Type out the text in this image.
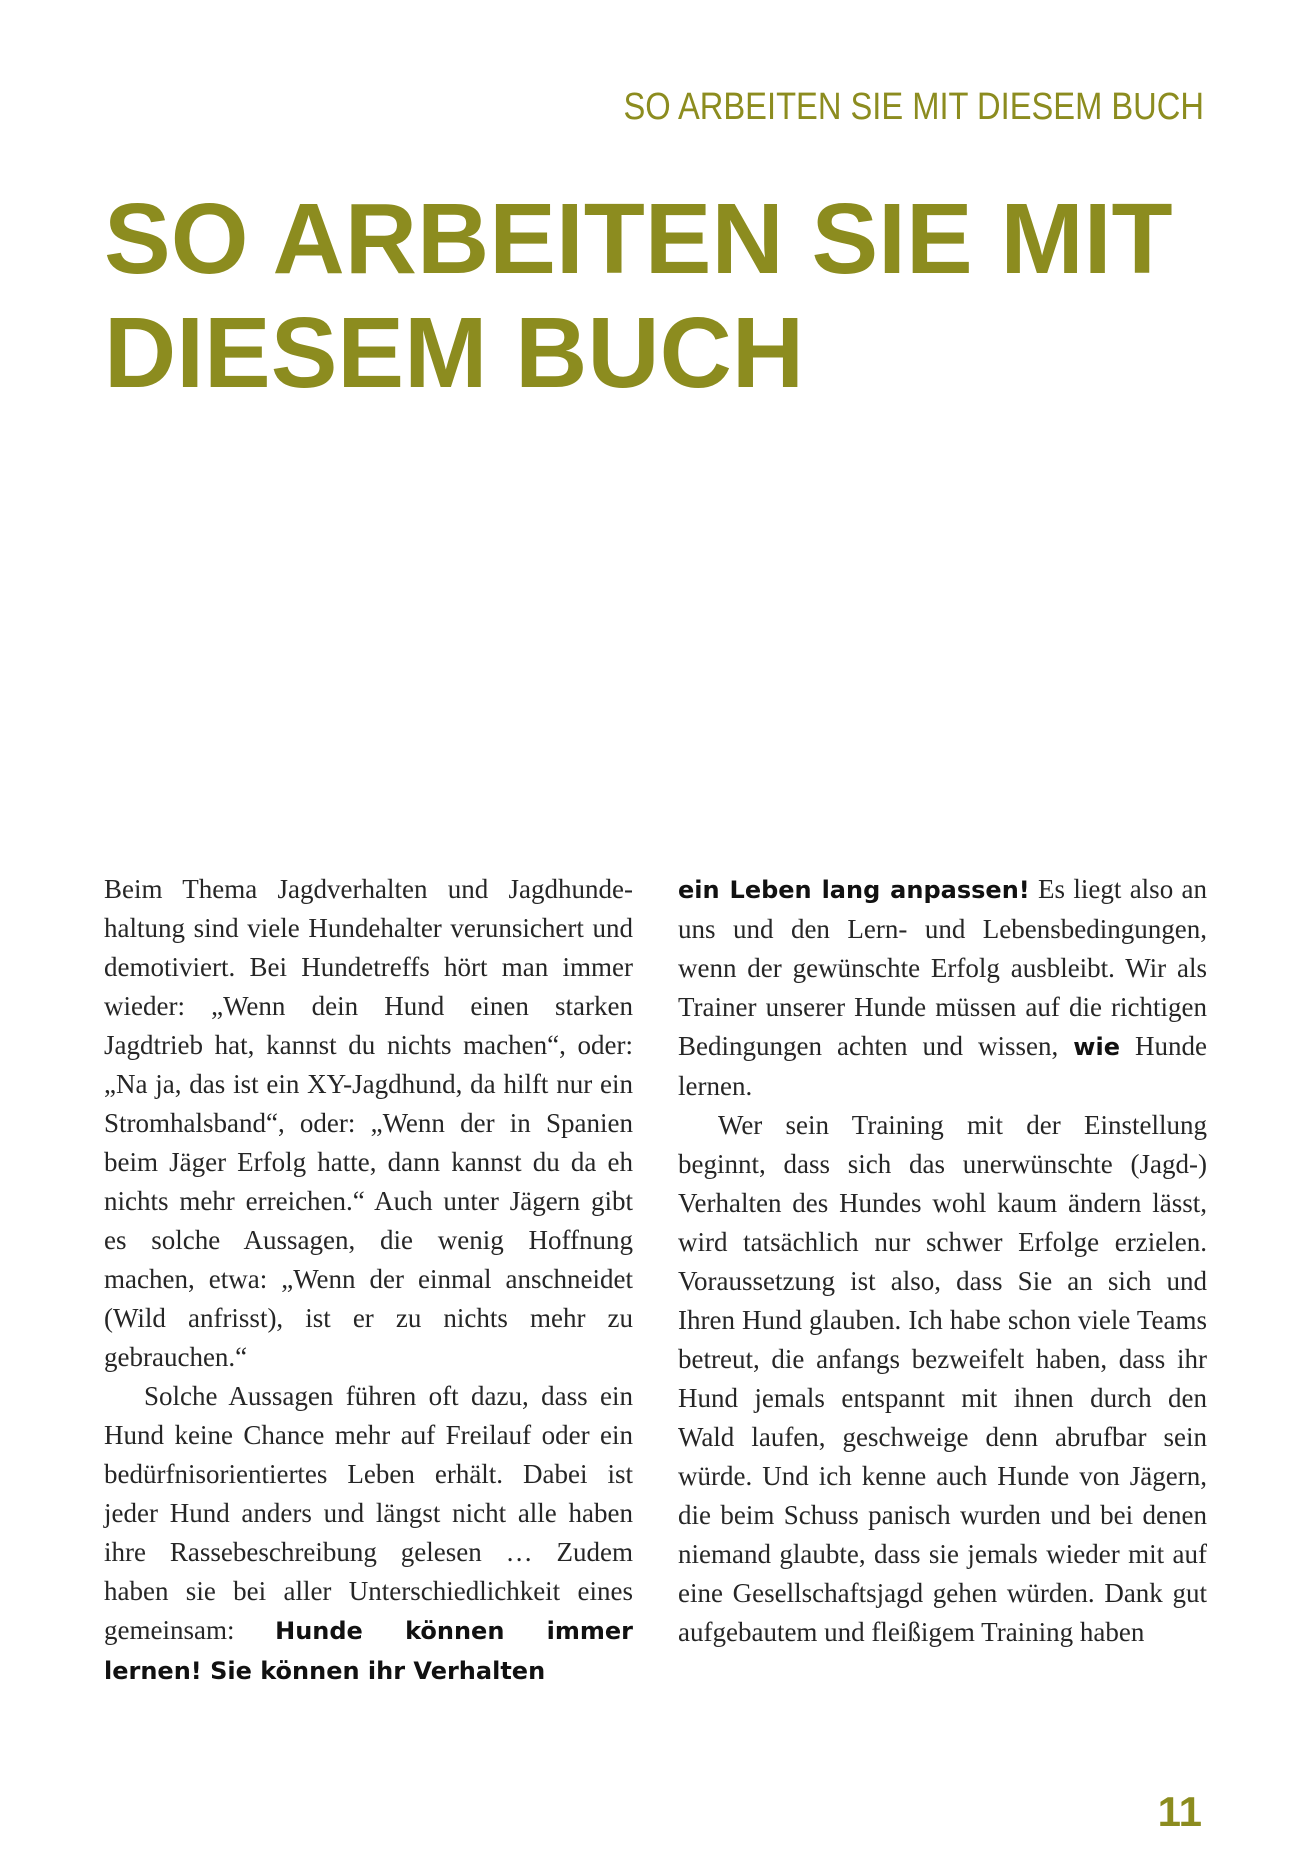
SO ARBEITEN SIE MIT DIESEM BUCH
SO ARBEITEN SIE MIT
DIESEM BUCH

Beim Thema Jagdverhalten und Jagdhundehaltung sind viele Hundehalter verunsichert und demotiviert. Bei Hundetreffs hört man immer wieder: „Wenn dein Hund einen starken Jagdtrieb hat, kannst du nichts machen“, oder: „Na ja, das ist ein XY-Jagdhund, da hilft nur ein Stromhalsband“, oder: „Wenn der in Spanien beim Jäger Erfolg hatte, dann kannst du da eh nichts mehr erreichen.“ Auch unter Jägern gibt es solche Aussagen, die wenig Hoffnung machen, etwa: „Wenn der einmal anschneidet (Wild anfrisst), ist er zu nichts mehr zu gebrauchen.“

Solche Aussagen führen oft dazu, dass ein Hund keine Chance mehr auf Freilauf oder ein bedürfnisorientiertes Leben erhält. Dabei ist jeder Hund anders und längst nicht alle haben ihre Rassebeschreibung gelesen … Zudem haben sie bei aller Unterschiedlichkeit eines gemeinsam: Hunde können immer lernen! Sie können ihr Verhalten

ein Leben lang anpassen! Es liegt also an uns und den Lern- und Lebensbedingungen, wenn der gewünschte Erfolg ausbleibt. Wir als Trainer unserer Hunde müssen auf die richtigen Bedingungen achten und wissen, wie Hunde lernen.

Wer sein Training mit der Einstellung beginnt, dass sich das unerwünschte (Jagd-) Verhalten des Hundes wohl kaum ändern lässt, wird tatsächlich nur schwer Erfolge erzielen. Voraussetzung ist also, dass Sie an sich und Ihren Hund glauben. Ich habe schon viele Teams betreut, die anfangs bezweifelt haben, dass ihr Hund jemals entspannt mit ihnen durch den Wald laufen, geschweige denn abrufbar sein würde. Und ich kenne auch Hunde von Jägern, die beim Schuss panisch wurden und bei denen niemand glaubte, dass sie jemals wieder mit auf eine Gesellschaftsjagd gehen würden. Dank gut aufgebautem und fleißigem Training haben

11
